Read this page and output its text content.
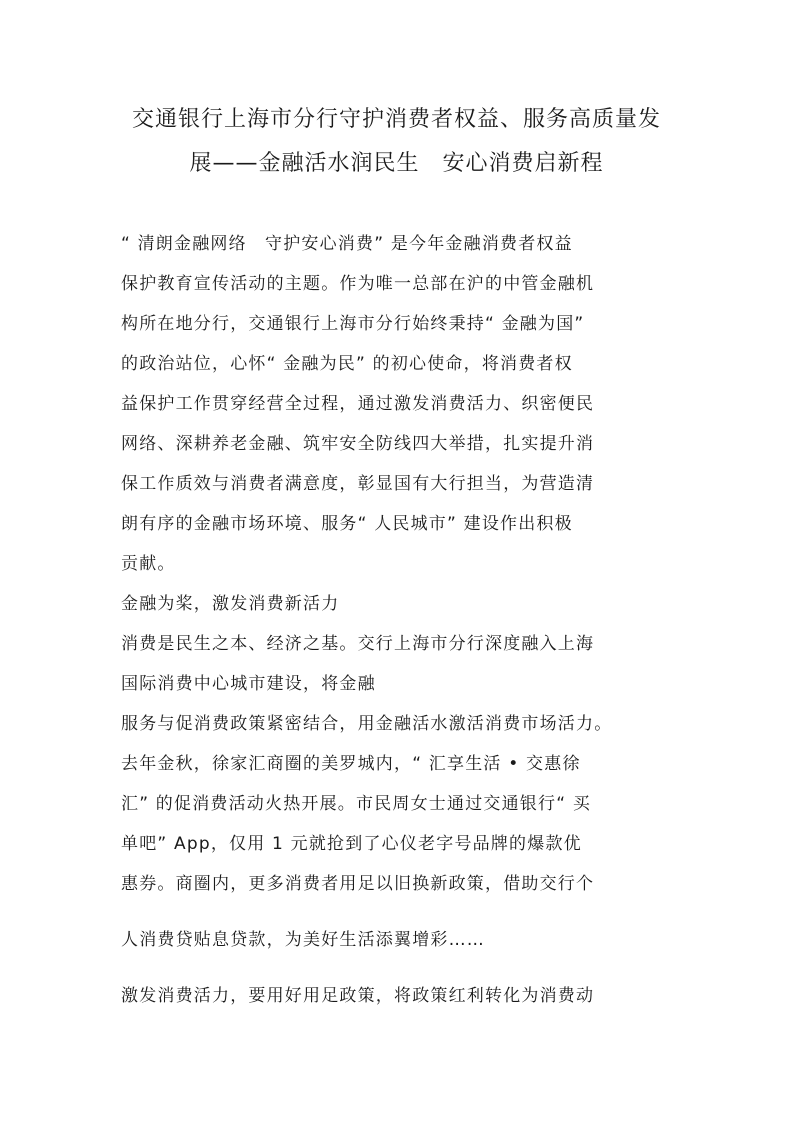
交通银行上海市分行守护消费者权益、服务高质量发
展——金融活水润民生　安心消费启新程
“ 清朗金融网络　守护安心消费” 是今年金融消费者权益
保护教育宣传活动的主题。作为唯一总部在沪的中管金融机
构所在地分行，交通银行上海市分行始终秉持“ 金融为国”
的政治站位，心怀“ 金融为民” 的初心使命，将消费者权
益保护工作贯穿经营全过程，通过激发消费活力、织密便民
网络、深耕养老金融、筑牢安全防线四大举措，扎实提升消
保工作质效与消费者满意度，彰显国有大行担当，为营造清
朗有序的金融市场环境、服务“ 人民城市” 建设作出积极
贡献。
金融为桨，激发消费新活力
消费是民生之本、经济之基。交行上海市分行深度融入上海
国际消费中心城市建设，将金融
服务与促消费政策紧密结合，用金融活水激活消费市场活力。
去年金秋，徐家汇商圈的美罗城内，“ 汇享生活 • 交惠徐
汇” 的促消费活动火热开展。市民周女士通过交通银行“ 买
单吧” App，仅用 1 元就抢到了心仪老字号品牌的爆款优
惠券。商圈内，更多消费者用足以旧换新政策，借助交行个
人消费贷贴息贷款，为美好生活添翼增彩……
激发消费活力，要用好用足政策，将政策红利转化为消费动
